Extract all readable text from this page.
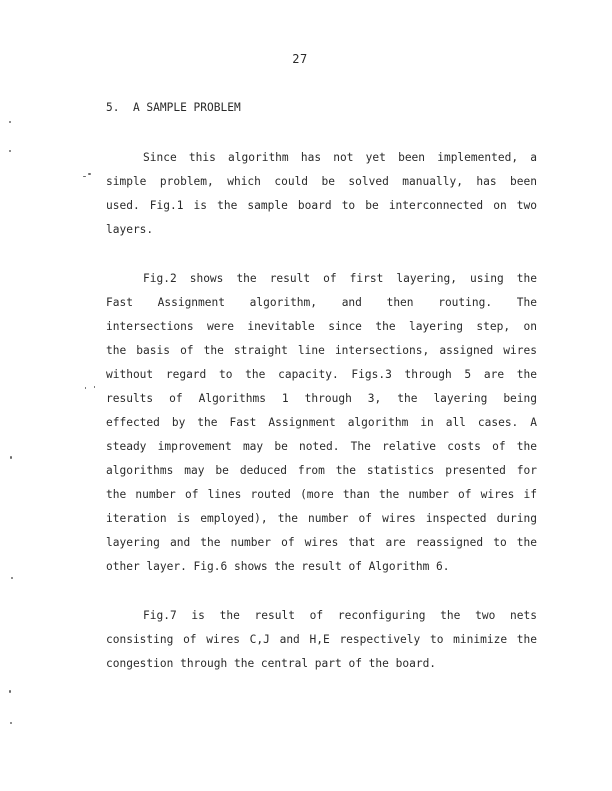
27
5.  A SAMPLE PROBLEM
Since this algorithm has not yet been implemented, a
simple problem, which could be solved manually, has been
used. Fig.1 is the sample board to be interconnected on two
layers.
Fig.2 shows the result of first layering, using the
Fast Assignment algorithm, and then routing. The
intersections were inevitable since the layering step, on
the basis of the straight line intersections, assigned wires
without regard to the capacity. Figs.3 through 5 are the
results of Algorithms 1 through 3, the layering being
effected by the Fast Assignment algorithm in all cases. A
steady improvement may be noted. The relative costs of the
algorithms may be deduced from the statistics presented for
the number of lines routed (more than the number of wires if
iteration is employed), the number of wires inspected during
layering and the number of wires that are reassigned to the
other layer. Fig.6 shows the result of Algorithm 6.
Fig.7 is the result of reconfiguring the two nets
consisting of wires C,J and H,E respectively to minimize the
congestion through the central part of the board.
